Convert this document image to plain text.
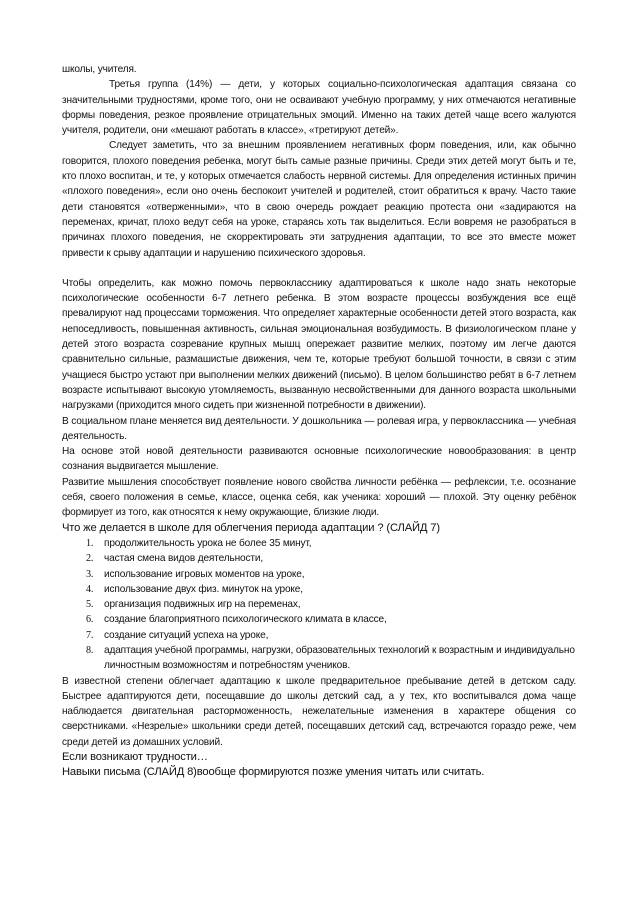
школы, учителя.

Третья группа (14%) — дети, у которых социально-психологическая адаптация связана со значительными трудностями, кроме того, они не осваивают учебную программу, у них отмечаются негативные формы поведения, резкое проявление отрицательных эмоций. Именно на таких детей чаще всего жалуются учителя, родители, они «мешают работать в классе», «третируют детей».

Следует заметить, что за внешним проявлением негативных форм поведения, или, как обычно говорится, плохого поведения ребенка, могут быть самые разные причины. Среди этих детей могут быть и те, кто плохо воспитан, и те, у которых отмечается слабость нервной системы. Для определения истинных причин «плохого поведения», если оно очень беспокоит учителей и родителей, стоит обратиться к врачу. Часто такие дети становятся «отверженными», что в свою очередь рождает реакцию протеста они «задираются на переменах, кричат, плохо ведут себя на уроке, стараясь хоть так выделиться. Если вовремя не разобраться в причинах плохого поведения, не скорректировать эти затруднения адаптации, то все это вместе может привести к срыву адаптации и нарушению психического здоровья.

Чтобы определить, как можно помочь первокласснику адаптироваться к школе надо знать некоторые психологические особенности 6-7 летнего ребенка. В этом возрасте процессы возбуждения все ещё превалируют над процессами торможения. Что определяет характерные особенности детей этого возраста, как непоседливость, повышенная активность, сильная эмоциональная возбудимость. В физиологическом плане у детей этого возраста созревание крупных мышц опережает развитие мелких, поэтому им легче даются сравнительно сильные, размашистые движения, чем те, которые требуют большой точности, в связи с этим учащиеся быстро устают при выполнении мелких движений (письмо). В целом большинство ребят в 6-7 летнем возрасте испытывают высокую утомляемость, вызванную несвойственными для данного возраста школьными нагрузками (приходится много сидеть при жизненной потребности в движении).

В социальном плане меняется вид деятельности. У дошкольника — ролевая игра, у первоклассника — учебная деятельность.

На основе этой новой деятельности развиваются основные психологические новообразования: в центр сознания выдвигается мышление.

Развитие мышления способствует появление нового свойства личности ребёнка — рефлексии, т.е. осознание себя, своего положения в семье, классе, оценка себя, как ученика: хороший — плохой. Эту оценку ребёнок формирует из того, как относятся к нему окружающие, близкие люди.

Что же делается в школе для облегчения периода адаптации ? (СЛАЙД 7)

1. продолжительность урока не более 35 минут,
2. частая смена видов деятельности,
3. использование игровых моментов на уроке,
4. использование двух физ. минуток на уроке,
5. организация подвижных игр на переменах,
6. создание благоприятного психологического климата в классе,
7. создание ситуаций успеха на уроке,
8. адаптация учебной программы, нагрузки, образовательных технологий к возрастным и индивидуально личностным возможностям и потребностям учеников.

В известной степени облегчает адаптацию к школе предварительное пребывание детей в детском саду. Быстрее адаптируются дети, посещавшие до школы детский сад, а у тех, кто воспитывался дома чаще наблюдается двигательная расторможенность, нежелательные изменения в характере общения со сверстниками. «Незрелые» школьники среди детей, посещавших детский сад, встречаются гораздо реже, чем среди детей из домашних условий.

Если возникают трудности…

Навыки письма (СЛАЙД 8)вообще формируются позже умения читать или считать.
